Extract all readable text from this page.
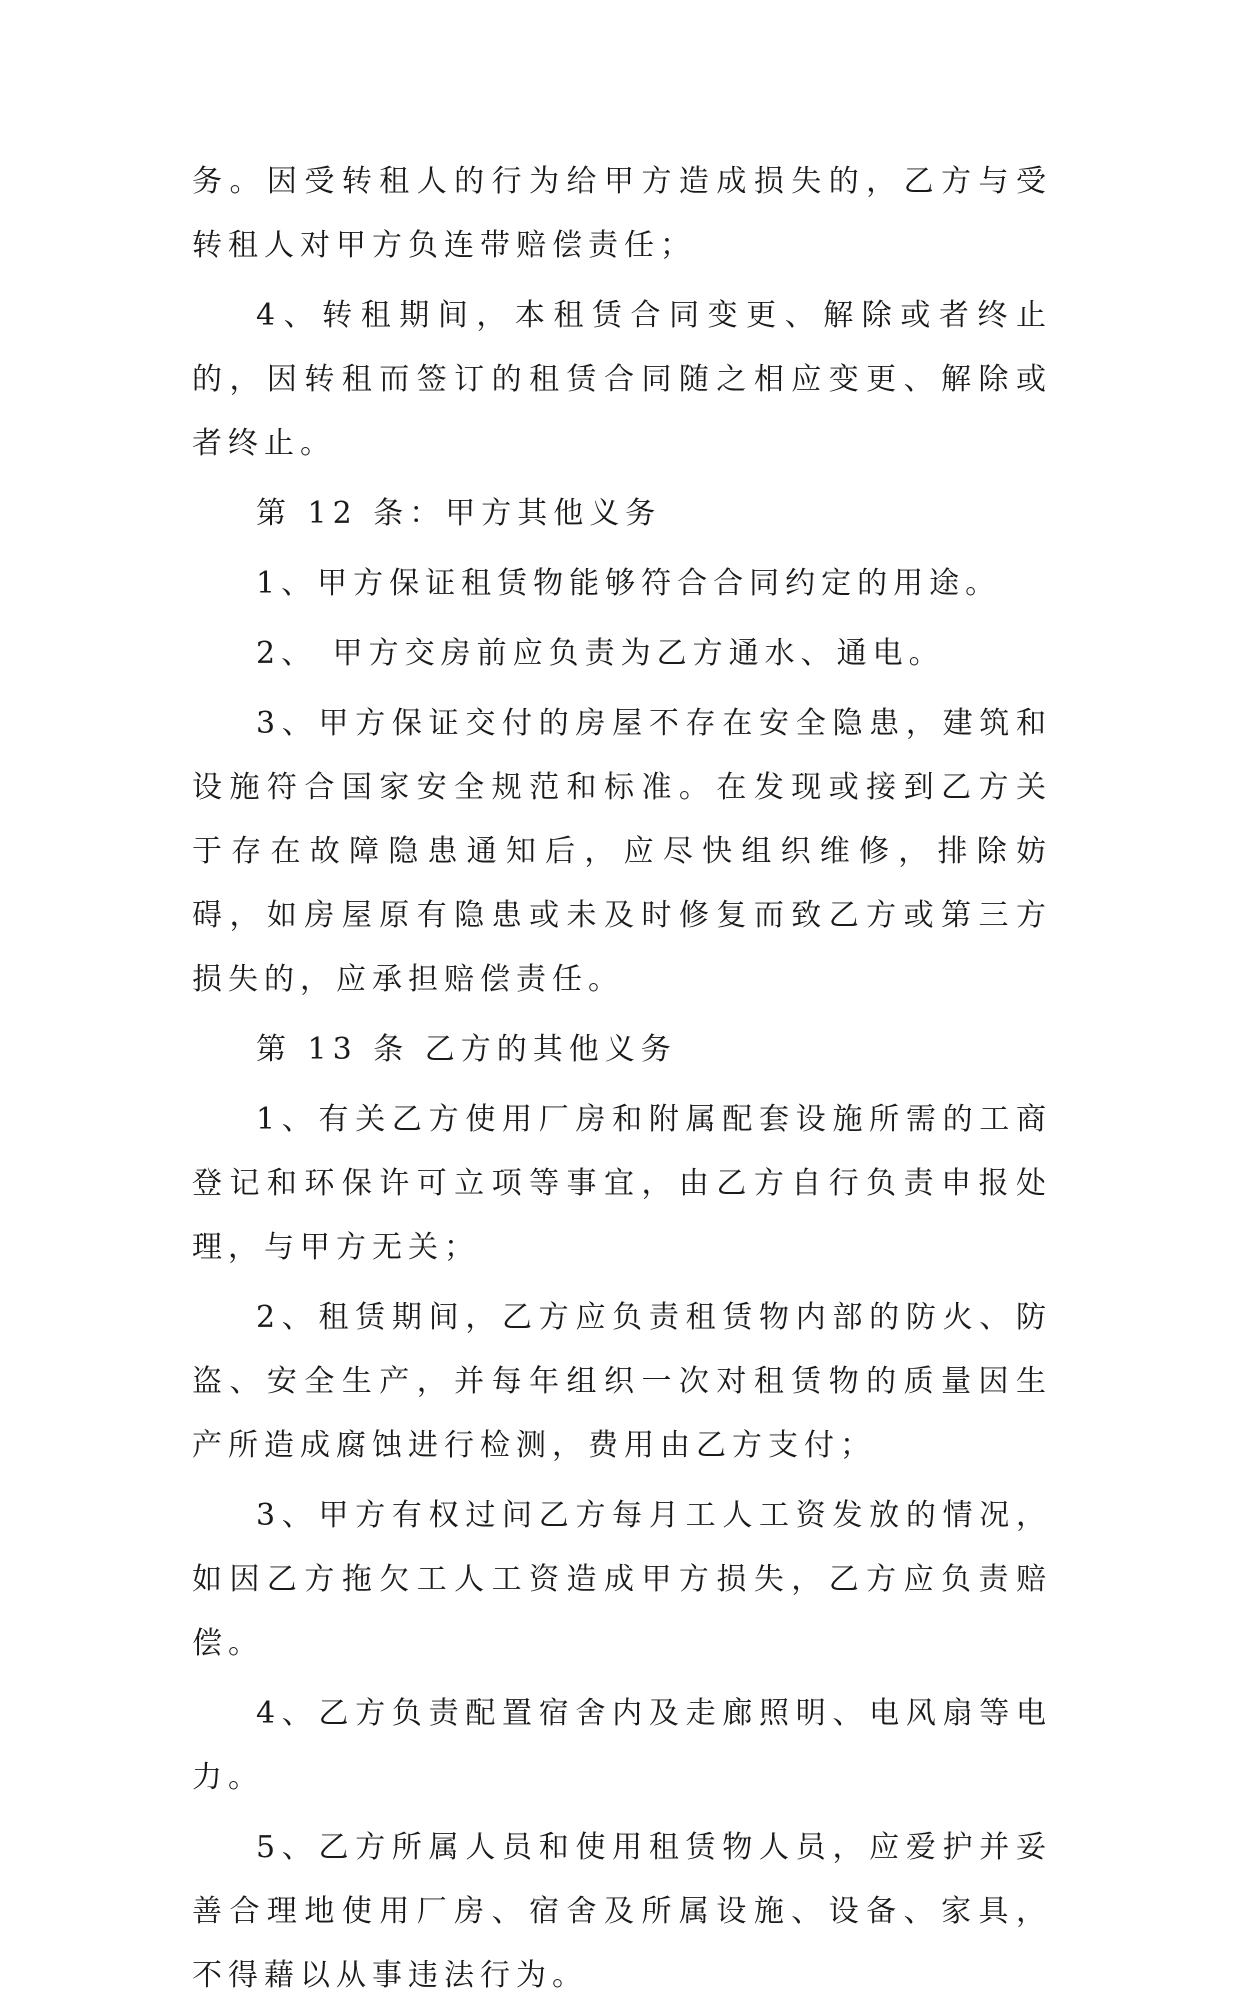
务。因受转租人的行为给甲方造成损失的，乙方与受转租人对甲方负连带赔偿责任；

4、转租期间，本租赁合同变更、解除或者终止的，因转租而签订的租赁合同随之相应变更、解除或者终止。

第 12 条：甲方其他义务

1、甲方保证租赁物能够符合合同约定的用途。

2、 甲方交房前应负责为乙方通水、通电。

3、甲方保证交付的房屋不存在安全隐患，建筑和设施符合国家安全规范和标准。在发现或接到乙方关于存在故障隐患通知后，应尽快组织维修，排除妨碍，如房屋原有隐患或未及时修复而致乙方或第三方损失的，应承担赔偿责任。

第 13 条 乙方的其他义务

1、有关乙方使用厂房和附属配套设施所需的工商登记和环保许可立项等事宜，由乙方自行负责申报处理，与甲方无关；

2、租赁期间，乙方应负责租赁物内部的防火、防盗、安全生产，并每年组织一次对租赁物的质量因生产所造成腐蚀进行检测，费用由乙方支付；

3、甲方有权过问乙方每月工人工资发放的情况，如因乙方拖欠工人工资造成甲方损失，乙方应负责赔偿。

4、乙方负责配置宿舍内及走廊照明、电风扇等电力。

5、乙方所属人员和使用租赁物人员，应爱护并妥善合理地使用厂房、宿舍及所属设施、设备、家具，不得藉以从事违法行为。
